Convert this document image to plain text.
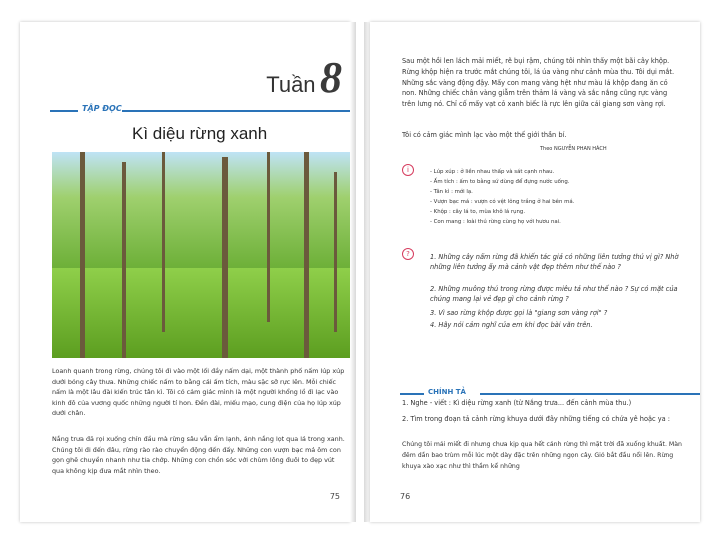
Tuần 8
TẬP ĐỌC
Kì diệu rừng xanh
Loanh quanh trong rừng, chúng tôi đi vào một lối đầy nấm dại, một thành phố nấm lúp xúp dưới bóng cây thưa. Những chiếc nấm to bằng cái ấm tích, màu sặc sỡ rực lên. Mỗi chiếc nấm là một lâu đài kiến trúc tân kì. Tôi có cảm giác mình là một người khổng lồ đi lạc vào kinh đô của vương quốc những người tí hon. Đền đài, miếu mạo, cung điện của họ lúp xúp dưới chân.
Nắng trưa đã rọi xuống chỉn đầu mà rừng sâu vẫn ẩm lạnh, ánh nắng lọt qua lá trong xanh. Chúng tôi đi đến đâu, rừng rào rào chuyển động đến đấy. Những con vượn bạc má ôm con gọn ghẽ chuyền nhanh như tia chớp. Những con chồn sóc với chùm lông đuôi to đẹp vút qua không kịp đưa mắt nhìn theo.
75
Sau một hồi len lách mải miết, rẽ bụi rậm, chúng tôi nhìn thấy một bãi cây khộp. Rừng khộp hiện ra trước mắt chúng tôi, lá úa vàng như cảnh mùa thu. Tôi dụi mắt. Những sắc vàng động đậy. Mấy con mang vàng hệt như màu lá khộp đang ăn cỏ non. Những chiếc chân vàng giẫm trên thảm lá vàng và sắc nắng cũng rực vàng trên lưng nó. Chỉ cố mấy vạt cỏ xanh biếc là rực lên giữa cái giang sơn vàng rợi.
Tôi có cảm giác mình lạc vào một thế giới thần bí.
Theo NGUYỄN PHAN HÁCH
i	- Lúp xúp : ở liền nhau thấp và sát cạnh nhau.
- Ấm tích : ấm to bằng sứ dùng để đựng nước uống.
- Tân kì : mới lạ.
- Vượn bạc má : vượn có vệt lông trắng ở hai bên má.
- Khộp : cây lá to, mùa khô lá rụng.
- Con mang : loài thú rừng cùng họ với hươu nai.
?	1. Những cây nấm rừng đã khiến tác giả có những liên tưởng thú vị gì? Nhờ những liên tưởng ấy mà cảnh vật đẹp thêm như thế nào ?
2. Những muông thú trong rừng được miêu tả như thế nào ? Sự có mặt của chúng mang lại vẻ đẹp gì cho cảnh rừng ?
3. Vì sao rừng khộp được gọi là "giang sơn vàng rợi" ?
4. Hãy nói cảm nghĩ của em khi đọc bài văn trên.
CHÍNH TẢ
1. Nghe - viết : Kì diệu rừng xanh (từ Nắng trưa... đến cảnh mùa thu.)
2. Tìm trong đoạn tả cảnh rừng khuya dưới đây những tiếng có chứa yê hoặc ya :
Chúng tôi mải miết đi nhưng chưa kịp qua hết cánh rừng thì mặt trời đã xuống khuất. Màn đêm dần bao trùm mỗi lúc một dày đặc trên những ngọn cây. Gió bắt đầu nổi lên. Rừng khuya xào xạc như thì thầm kể những
76
